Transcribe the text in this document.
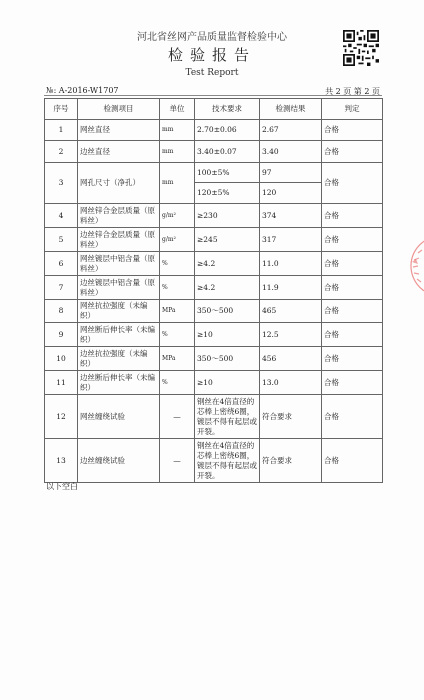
河北省丝网产品质量监督检验中心
检验报告
Test Report
№: A-2016-W1707	共 2 页 第 2 页
序号	检测项目	单位	技术要求	检测结果	判定
1	网丝直径	mm	2.70±0.06	2.67	合格
2	边丝直径	mm	3.40±0.07	3.40	合格
3	网孔尺寸（净孔）	mm	100±5%	97	合格
			120±5%	120	
4	网丝锌合金层质量（原料丝）	g/m²	≥230	374	合格
5	边丝锌合金层质量（原料丝）	g/m²	≥245	317	合格
6	网丝镀层中铝含量（原料丝）	%	≥4.2	11.0	合格
7	边丝镀层中铝含量（原料丝）	%	≥4.2	11.9	合格
8	网丝抗拉强度（未编织）	MPa	350～500	465	合格
9	网丝断后伸长率（未编织）	%	≥10	12.5	合格
10	边丝抗拉强度（未编织）	MPa	350～500	456	合格
11	边丝断后伸长率（未编织）	%	≥10	13.0	合格
12	网丝缠绕试验	—	钢丝在4倍直径的芯棒上密绕6圈，镀层不得有起层或开裂。	符合要求	合格
13	边丝缠绕试验	—	钢丝在4倍直径的芯棒上密绕6圈，镀层不得有起层或开裂。	符合要求	合格
以下空白
